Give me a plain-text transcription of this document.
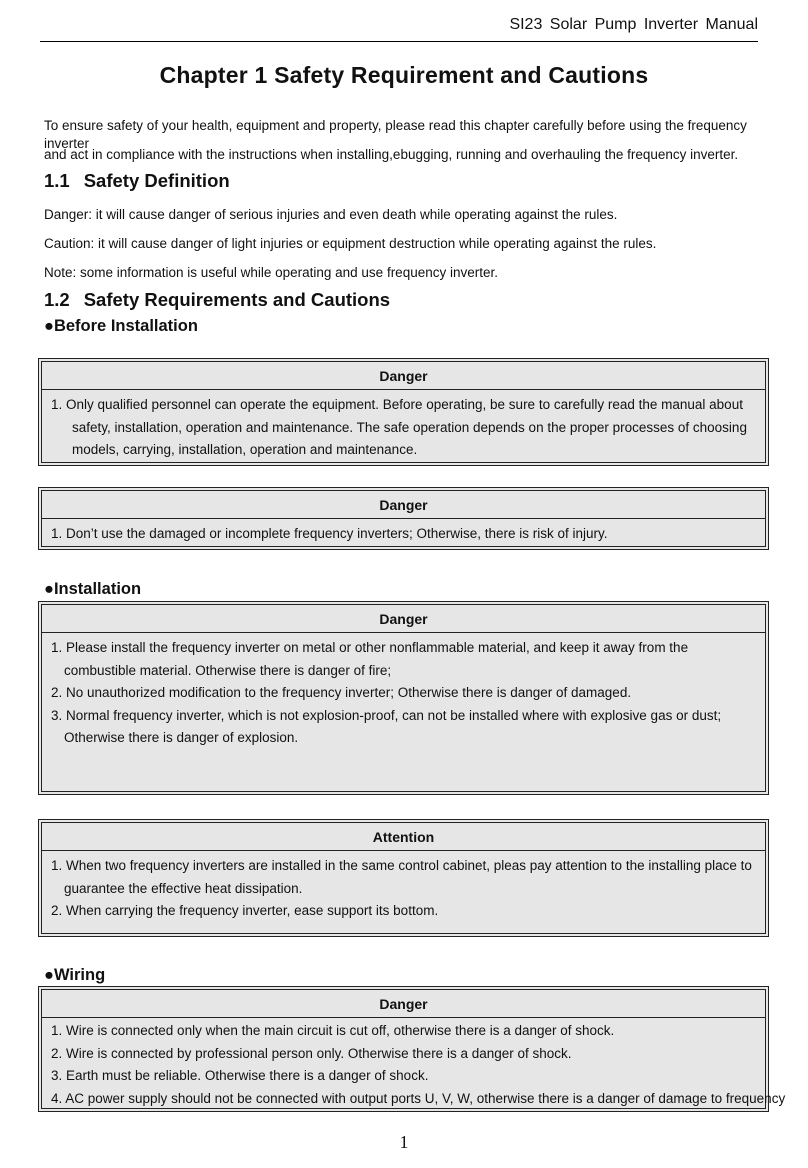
SI23 Solar Pump Inverter Manual
Chapter 1 Safety Requirement and Cautions

To ensure safety of your health, equipment and property, please read this chapter carefully before using the frequency inverter

and act in compliance with the instructions when installing,ebugging, running and overhauling the frequency inverter.

1.1 Safety Definition

Danger: it will cause danger of serious injuries and even death while operating against the rules.

Caution: it will cause danger of light injuries or equipment destruction while operating against the rules.

Note: some information is useful while operating and use frequency inverter.

1.2 Safety Requirements and Cautions
●Before Installation
Danger
1. Only qualified personnel can operate the equipment. Before operating, be sure to carefully read the manual about safety, installation, operation and maintenance. The safe operation depends on the proper processes of choosing models, carrying, installation, operation and maintenance.
Danger
1. Don’t use the damaged or incomplete frequency inverters; Otherwise, there is risk of injury.
●Installation
Danger
1. Please install the frequency inverter on metal or other nonflammable material, and keep it away from the combustible material. Otherwise there is danger of fire;
2. No unauthorized modification to the frequency inverter; Otherwise there is danger of damaged.
3. Normal frequency inverter, which is not explosion-proof, can not be installed where with explosive gas or dust; Otherwise there is danger of explosion.
Attention
1. When two frequency inverters are installed in the same control cabinet, pleas pay attention to the installing place to guarantee the effective heat dissipation.
2. When carrying the frequency inverter, ease support its bottom.
●Wiring
Danger
1. Wire is connected only when the main circuit is cut off, otherwise there is a danger of shock.
2. Wire is connected by professional person only. Otherwise there is a danger of shock.
3. Earth must be reliable. Otherwise there is a danger of shock.
4. AC power supply should not be connected with output ports U, V, W, otherwise there is a danger of damage to frequency
1
